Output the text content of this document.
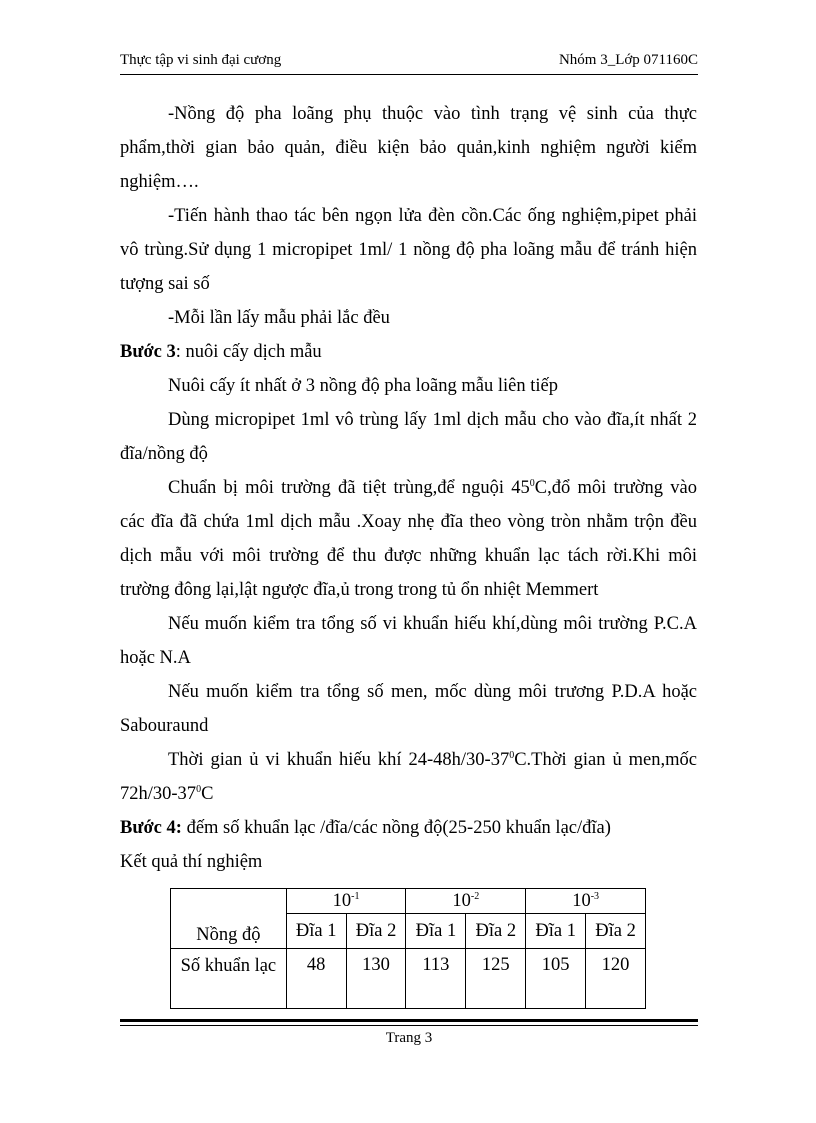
Thực tập vi sinh đại cương	Nhóm 3_Lớp 071160C

-Nồng độ pha loãng phụ thuộc vào tình trạng vệ sinh của thực phẩm,thời gian bảo quản, điều kiện bảo quản,kinh nghiệm người kiểm nghiệm….

-Tiến hành thao tác bên ngọn lửa đèn cồn.Các ống nghiệm,pipet phải vô trùng.Sử dụng 1 micropipet 1ml/ 1 nồng độ pha loãng mẫu để tránh hiện tượng sai số

-Mỗi lần lấy mẫu phải lắc đều

Bước 3: nuôi cấy dịch mẫu

Nuôi cấy ít nhất ở 3 nồng độ pha loãng mẫu liên tiếp

Dùng micropipet 1ml vô trùng lấy 1ml dịch mẫu cho vào đĩa,ít nhất 2 đĩa/nồng độ

Chuẩn bị môi trường đã tiệt trùng,để nguội $45^0C,đổ$ môi trường vào các đĩa đã chứa 1ml dịch mẫu .Xoay nhẹ đĩa theo vòng tròn nhằm trộn đều dịch mẫu với môi trường để thu được những khuẩn lạc tách rời.Khi môi trường đông lại,lật ngược đĩa,ủ trong trong tủ ổn nhiệt Memmert

Nếu muốn kiểm tra tổng số vi khuẩn hiếu khí,dùng môi trường P.C.A hoặc N.A

Nếu muốn kiểm tra tổng số men, mốc dùng môi trương P.D.A hoặc Sabouraund

Thời gian ủ vi khuẩn hiếu khí $24-48h/30-37^0C.Thời$ gian ủ men,mốc $72h/30-37^0C$

Bước 4: đếm số khuẩn lạc /đĩa/các nồng độ(25-250 khuẩn lạc/đĩa)

Kết quả thí nghiệm

Nồng độ	$10^{-1}$		$10^{-2}$		$10^{-3}$
	Đĩa 1	Đĩa 2	Đĩa 1	Đĩa 2	Đĩa 1	Đĩa 2
Số khuẩn lạc	48	130	113	125	105	120
Trang 3
